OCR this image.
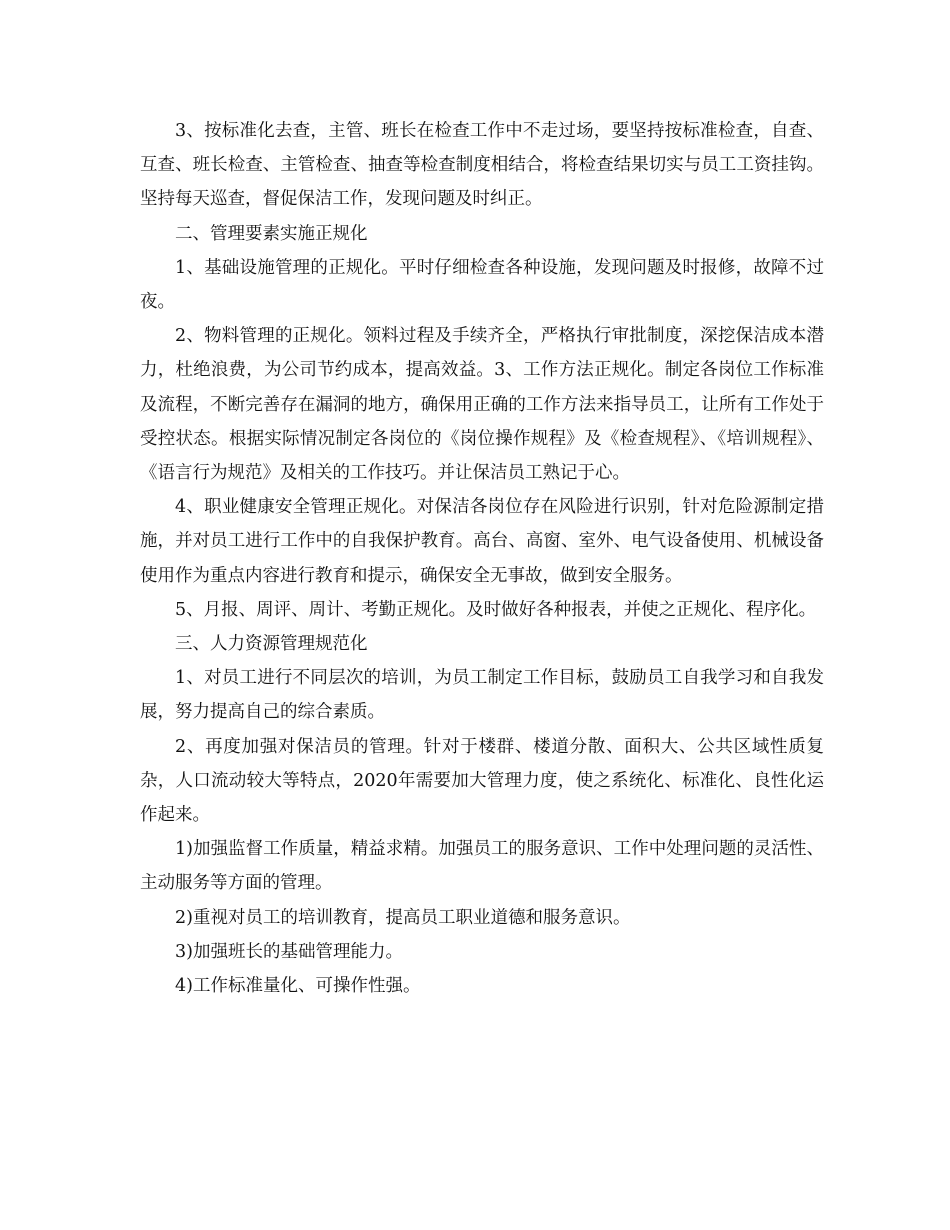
3、按标准化去查，主管、班长在检查工作中不走过场，要坚持按标准检查，自查、互查、班长检查、主管检查、抽查等检查制度相结合，将检查结果切实与员工工资挂钩。坚持每天巡查，督促保洁工作，发现问题及时纠正。

二、管理要素实施正规化

1、基础设施管理的正规化。平时仔细检查各种设施，发现问题及时报修，故障不过夜。

2、物料管理的正规化。领料过程及手续齐全，严格执行审批制度，深挖保洁成本潜力，杜绝浪费，为公司节约成本，提高效益。3、工作方法正规化。制定各岗位工作标准及流程，不断完善存在漏洞的地方，确保用正确的工作方法来指导员工，让所有工作处于受控状态。根据实际情况制定各岗位的《岗位操作规程》及《检查规程》、《培训规程》、《语言行为规范》及相关的工作技巧。并让保洁员工熟记于心。

4、职业健康安全管理正规化。对保洁各岗位存在风险进行识别，针对危险源制定措施，并对员工进行工作中的自我保护教育。高台、高窗、室外、电气设备使用、机械设备使用作为重点内容进行教育和提示，确保安全无事故，做到安全服务。

5、月报、周评、周计、考勤正规化。及时做好各种报表，并使之正规化、程序化。

三、人力资源管理规范化

1、对员工进行不同层次的培训，为员工制定工作目标，鼓励员工自我学习和自我发展，努力提高自己的综合素质。

2、再度加强对保洁员的管理。针对于楼群、楼道分散、面积大、公共区域性质复杂，人口流动较大等特点，2020年需要加大管理力度，使之系统化、标准化、良性化运作起来。

1)加强监督工作质量，精益求精。加强员工的服务意识、工作中处理问题的灵活性、主动服务等方面的管理。

2)重视对员工的培训教育，提高员工职业道德和服务意识。

3)加强班长的基础管理能力。

4)工作标准量化、可操作性强。
